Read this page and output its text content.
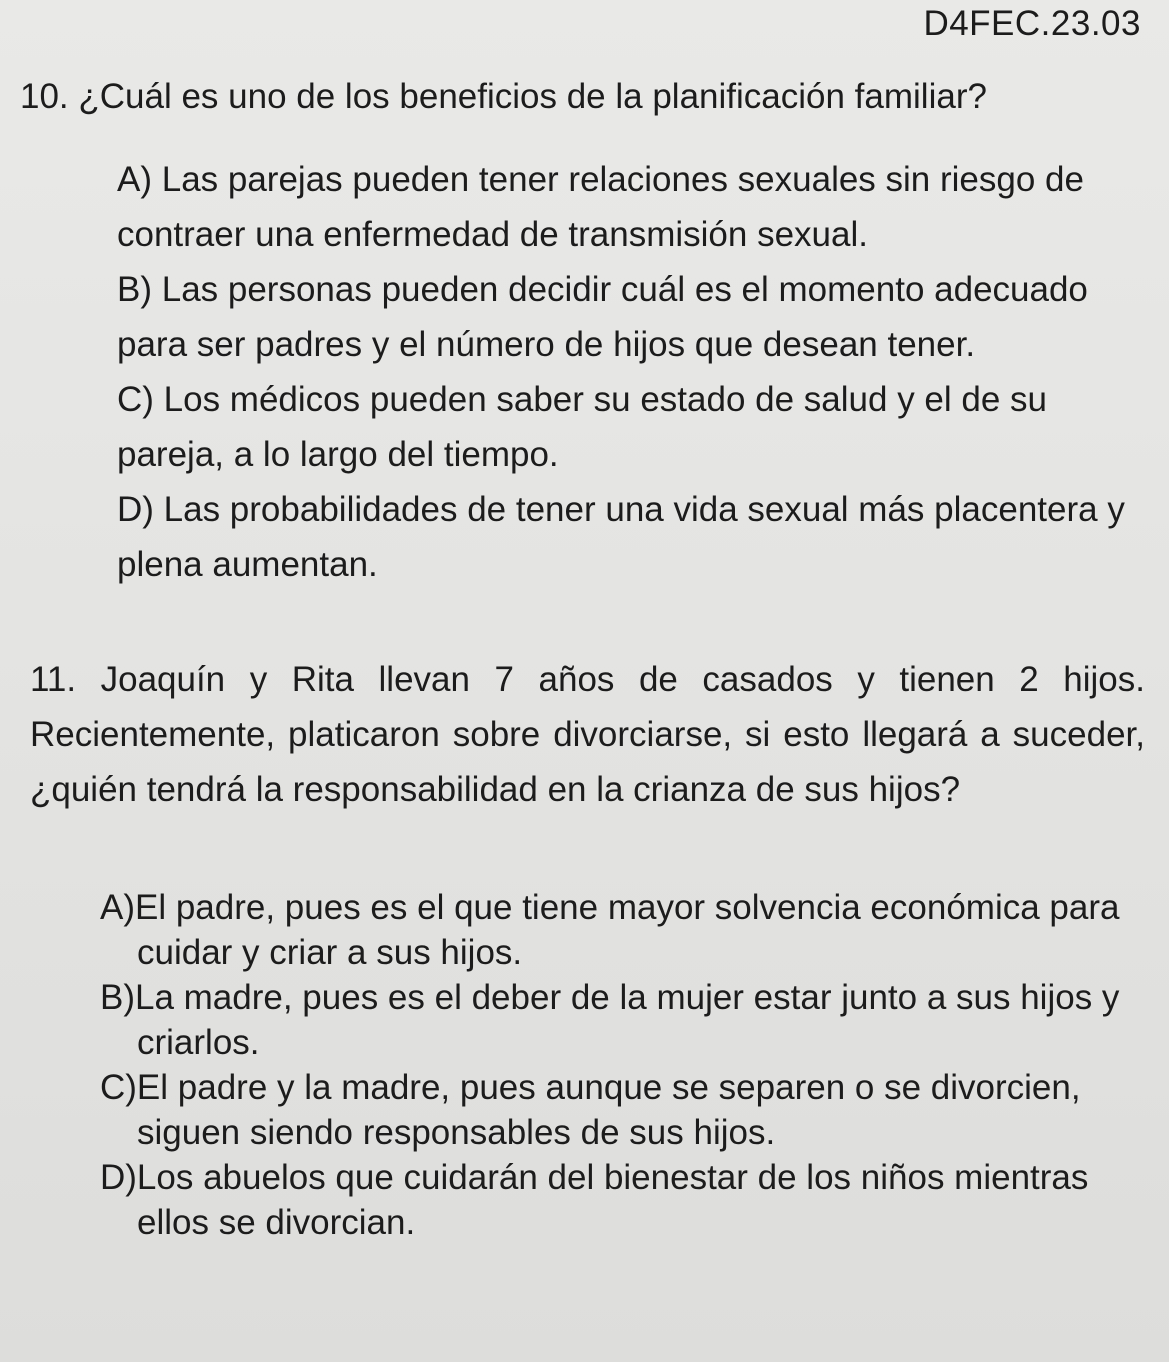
D4FEC.23.03
10. ¿Cuál es uno de los beneficios de la planificación familiar?

A) Las parejas pueden tener relaciones sexuales sin riesgo de contraer una enfermedad de transmisión sexual.

B) Las personas pueden decidir cuál es el momento adecuado para ser padres y el número de hijos que desean tener.

C) Los médicos pueden saber su estado de salud y el de su pareja, a lo largo del tiempo.

D) Las probabilidades de tener una vida sexual más placentera y plena aumentan.

11. Joaquín y Rita llevan 7 años de casados y tienen 2 hijos. Recientemente, platicaron sobre divorciarse, si esto llegará a suceder, ¿quién tendrá la responsabilidad en la crianza de sus hijos?

A)El padre, pues es el que tiene mayor solvencia económica para cuidar y criar a sus hijos.

B)La madre, pues es el deber de la mujer estar junto a sus hijos y criarlos.

C)El padre y la madre, pues aunque se separen o se divorcien, siguen siendo responsables de sus hijos.

D)Los abuelos que cuidarán del bienestar de los niños mientras ellos se divorcian.
